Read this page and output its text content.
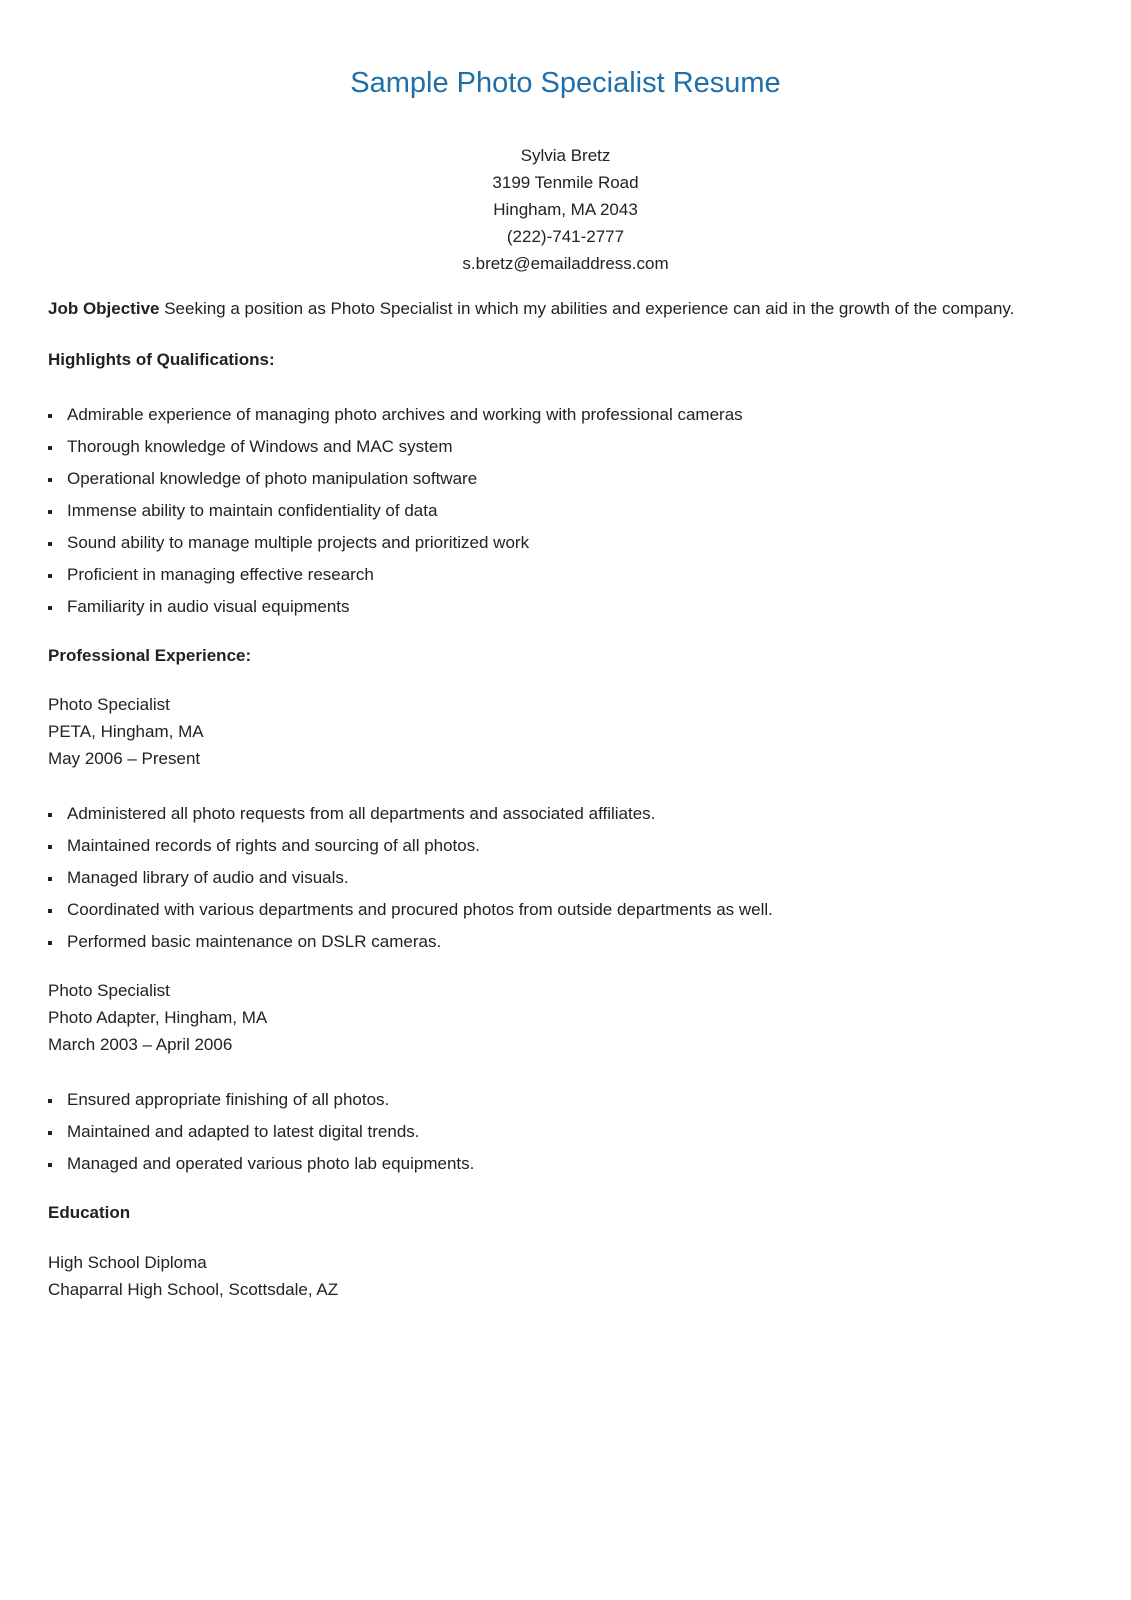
Sample Photo Specialist Resume
Sylvia Bretz
3199 Tenmile Road
Hingham, MA 2043
(222)-741-2777
s.bretz@emailaddress.com
Job Objective Seeking a position as Photo Specialist in which my abilities and experience can aid in the growth of the company.
Highlights of Qualifications:
Admirable experience of managing photo archives and working with professional cameras
Thorough knowledge of Windows and MAC system
Operational knowledge of photo manipulation software
Immense ability to maintain confidentiality of data
Sound ability to manage multiple projects and prioritized work
Proficient in managing effective research
Familiarity in audio visual equipments
Professional Experience:
Photo Specialist
PETA, Hingham, MA
May 2006 – Present
Administered all photo requests from all departments and associated affiliates.
Maintained records of rights and sourcing of all photos.
Managed library of audio and visuals.
Coordinated with various departments and procured photos from outside departments as well.
Performed basic maintenance on DSLR cameras.
Photo Specialist
Photo Adapter, Hingham, MA
March 2003 – April 2006
Ensured appropriate finishing of all photos.
Maintained and adapted to latest digital trends.
Managed and operated various photo lab equipments.
Education
High School Diploma
Chaparral High School, Scottsdale, AZ
